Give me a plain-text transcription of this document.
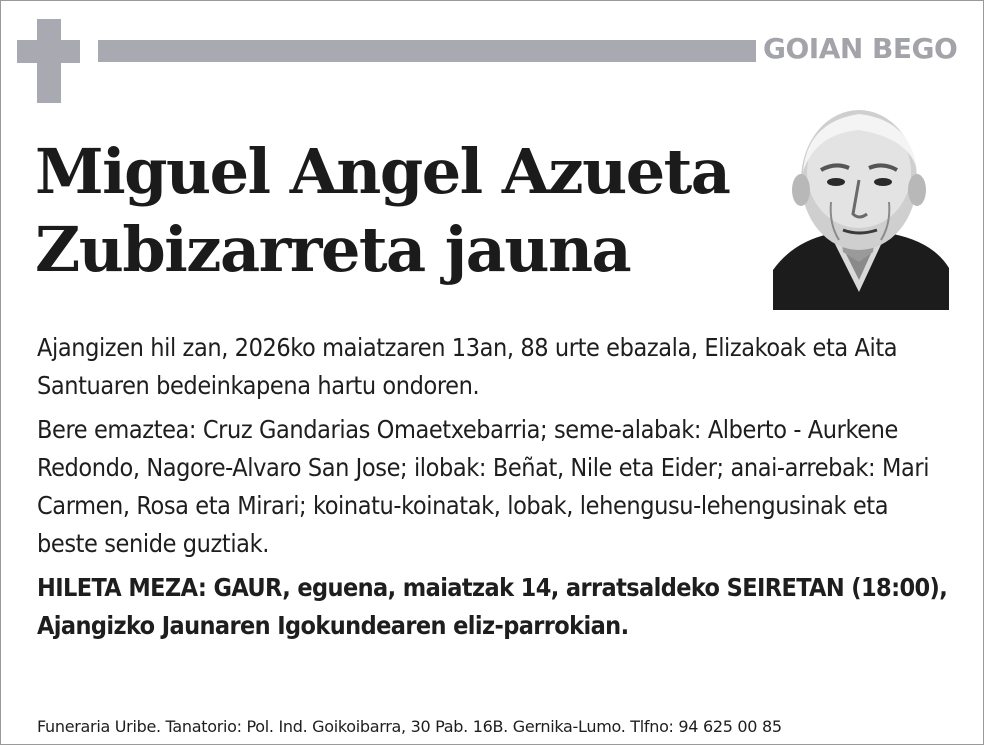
GOIAN BEGO
Miguel Angel Azueta
Zubizarreta jauna

Ajangizen hil zan, 2026ko maiatzaren 13an, 88 urte ebazala, Elizakoak eta Aita Santuaren bedeinkapena hartu ondoren.

Bere emaztea: Cruz Gandarias Omaetxebarria; seme-alabak: Alberto - Aurkene Redondo, Nagore-Alvaro San Jose; ilobak: Beñat, Nile eta Eider; anai-arrebak: Mari Carmen, Rosa eta Mirari; koinatu-koinatak, lobak, lehengusu-lehengusinak eta beste senide guztiak.

HILETA MEZA: GAUR, eguena, maiatzak 14, arratsaldeko SEIRETAN (18:00), Ajangizko Jaunaren Igokundearen eliz-parrokian.

Funeraria Uribe. Tanatorio: Pol. Ind. Goikoibarra, 30 Pab. 16B. Gernika-Lumo. Tlfno: 94 625 00 85
